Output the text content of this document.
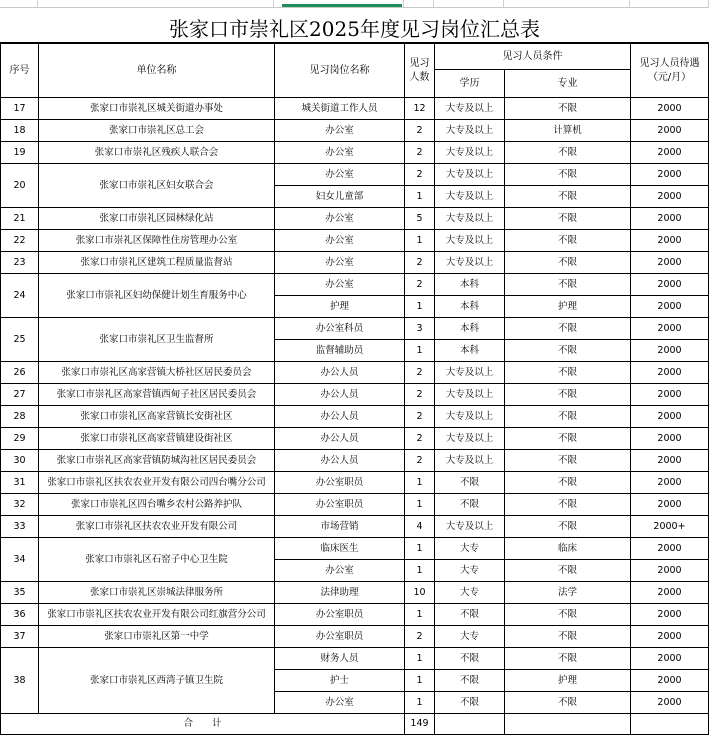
张家口市崇礼区2025年度见习岗位汇总表
序号	单位名称	见习岗位名称	见习人数	见习人员条件		见习人员待遇（元/月）
				学历	专业	
17	张家口市崇礼区城关街道办事处	城关街道工作人员	12	大专及以上	不限	2000
18	张家口市崇礼区总工会	办公室	2	大专及以上	计算机	2000
19	张家口市崇礼区残疾人联合会	办公室	2	大专及以上	不限	2000
20	张家口市崇礼区妇女联合会	办公室	2	大专及以上	不限	2000
		妇女儿童部	1	大专及以上	不限	2000
21	张家口市崇礼区园林绿化站	办公室	5	大专及以上	不限	2000
22	张家口市崇礼区保障性住房管理办公室	办公室	1	大专及以上	不限	2000
23	张家口市崇礼区建筑工程质量监督站	办公室	2	大专及以上	不限	2000
24	张家口市崇礼区妇幼保健计划生育服务中心	办公室	2	本科	不限	2000
		护理	1	本科	护理	2000
25	张家口市崇礼区卫生监督所	办公室科员	3	本科	不限	2000
		监督辅助员	1	本科	不限	2000
26	张家口市崇礼区高家营镇大桥社区居民委员会	办公人员	2	大专及以上	不限	2000
27	张家口市崇礼区高家营镇西甸子社区居民委员会	办公人员	2	大专及以上	不限	2000
28	张家口市崇礼区高家营镇长安街社区	办公人员	2	大专及以上	不限	2000
29	张家口市崇礼区高家营镇建设街社区	办公人员	2	大专及以上	不限	2000
30	张家口市崇礼区高家营镇防城沟社区居民委员会	办公人员	2	大专及以上	不限	2000
31	张家口市崇礼区扶农农业开发有限公司四台嘴分公司	办公室职员	1	不限	不限	2000
32	张家口市崇礼区四台嘴乡农村公路养护队	办公室职员	1	不限	不限	2000
33	张家口市崇礼区扶农农业开发有限公司	市场营销	4	大专及以上	不限	2000+
34	张家口市崇礼区石窑子中心卫生院	临床医生	1	大专	临床	2000
		办公室	1	大专	不限	2000
35	张家口市崇礼区崇城法律服务所	法律助理	10	大专	法学	2000
36	张家口市崇礼区扶农农业开发有限公司红旗营分公司	办公室职员	1	不限	不限	2000
37	张家口市崇礼区第一中学	办公室职员	2	大专	不限	2000
38	张家口市崇礼区西湾子镇卫生院	财务人员	1	不限	不限	2000
		护士	1	不限	护理	2000
		办公室	1	不限	不限	2000
合　　计			149			
